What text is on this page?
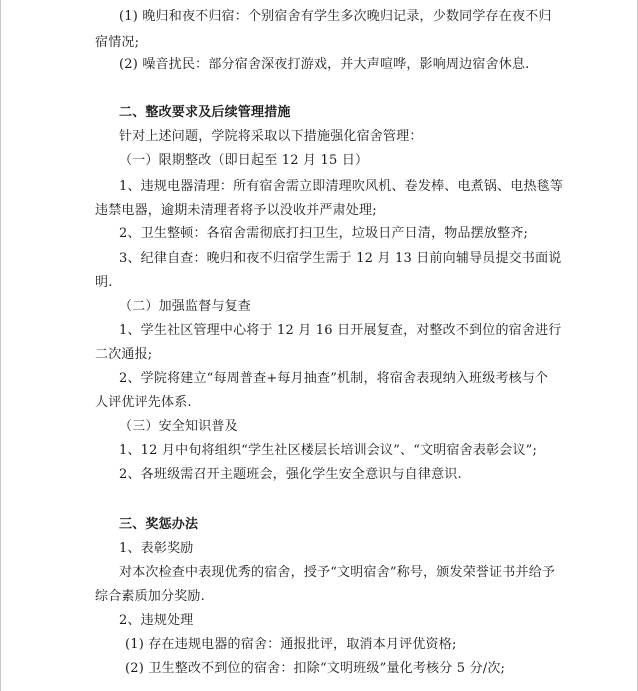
(1) 晚归和夜不归宿：个别宿舍有学生多次晚归记录，少数同学存在夜不归
宿情况;
(2) 噪音扰民：部分宿舍深夜打游戏，并大声喧哗，影响周边宿舍休息.
二、整改要求及后续管理措施
针对上述问题，学院将采取以下措施强化宿舍管理：
（一）限期整改（即日起至 12 月 15 日）
1、违规电器清理：所有宿舍需立即清理吹风机、卷发棒、电煮锅、电热毯等
违禁电器，逾期未清理者将予以没收并严肃处理;
2、卫生整顿：各宿舍需彻底打扫卫生，垃圾日产日清，物品摆放整齐;
3、纪律自查：晚归和夜不归宿学生需于 12 月 13 日前向辅导员提交书面说
明.
（二）加强监督与复查
1、学生社区管理中心将于 12 月 16 日开展复查，对整改不到位的宿舍进行
二次通报;
2、学院将建立“每周普查+每月抽查”机制，将宿舍表现纳入班级考核与个
人评优评先体系.
（三）安全知识普及
1、12 月中旬将组织“学生社区楼层长培训会议”、“文明宿舍表彰会议”;
2、各班级需召开主题班会，强化学生安全意识与自律意识.
三、奖惩办法
1、表彰奖励
对本次检查中表现优秀的宿舍，授予“文明宿舍”称号，颁发荣誉证书并给予
综合素质加分奖励.
2、违规处理
(1) 存在违规电器的宿舍：通报批评，取消本月评优资格;
(2) 卫生整改不到位的宿舍：扣除“文明班级”量化考核分 5 分/次;
